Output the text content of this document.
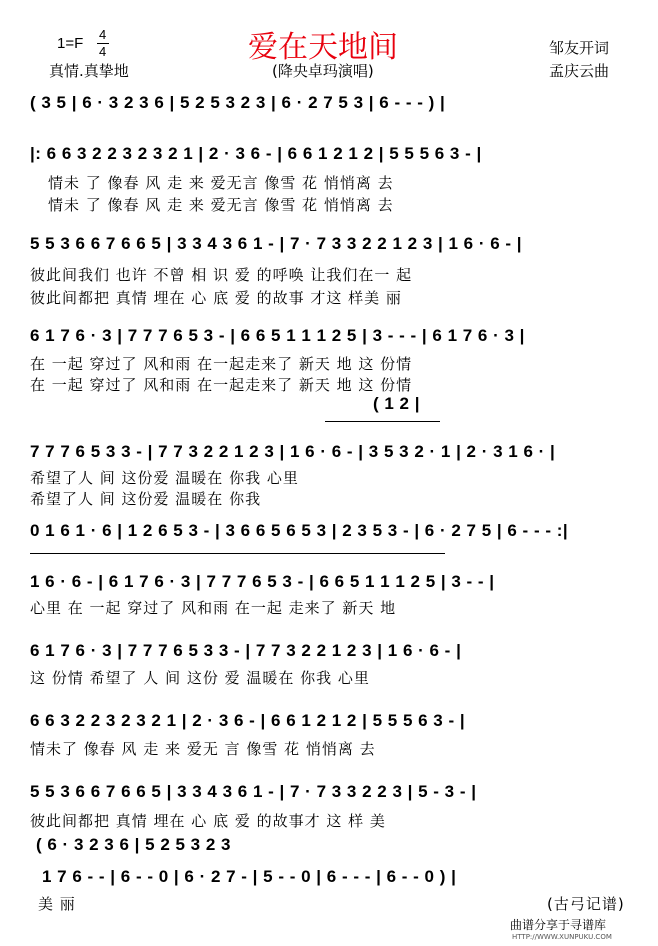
1=F
4
4	爱在天地间	邹友开词
真情.真挚地	(降央卓玛演唱)	孟庆云曲
( 3 5 | 6 · 3 2 3 6 | 5 2 5 3 2 3 | 6 · 2 7 5 3 | 6 - - - ) |
|: 6 6 3 2 2 3 2 3 2 1 | 2 · 3 6 - | 6 6 1 2 1 2 | 5 5 5 6 3 - |
情未 了 像春 风 走 来 爱无言 像雪 花 悄悄离 去
情未 了 像春 风 走 来 爱无言 像雪 花 悄悄离 去
5 5 3 6 6 7 6 6 5 | 3 3 4 3 6 1 - | 7 · 7 3 3 2 2 1 2 3 | 1 6 · 6 - |
彼此间我们 也许 不曾 相 识 爱 的呼唤 让我们在一 起
彼此间都把 真情 埋在 心 底 爱 的故事 才这 样美 丽
6 1 7 6 · 3 | 7 7 7 6 5 3 - | 6 6 5 1 1 1 2 5 | 3 - - - | 6 1 7 6 · 3 |
在 一起 穿过了 风和雨 在一起走来了 新天 地 这 份情
在 一起 穿过了 风和雨 在一起走来了 新天 地 这 份情
( 1 2 |
7 7 7 6 5 3 3 - | 7 7 3 2 2 1 2 3 | 1 6 · 6 - | 3 5 3 2 · 1 | 2 · 3 1 6 · |
希望了人 间 这份爱 温暖在 你我 心里
希望了人 间 这份爱 温暖在 你我
0 1 6 1 · 6 | 1 2 6 5 3 - | 3 6 6 5 6 5 3 | 2 3 5 3 - | 6 · 2 7 5 | 6 - - - :|
1 6 · 6 - | 6 1 7 6 · 3 | 7 7 7 6 5 3 - | 6 6 5 1 1 1 2 5 | 3 - - |
心里 在 一起 穿过了 风和雨 在一起 走来了 新天 地
6 1 7 6 · 3 | 7 7 7 6 5 3 3 - | 7 7 3 2 2 1 2 3 | 1 6 · 6 - |
这 份情 希望了 人 间 这份 爱 温暖在 你我 心里
6 6 3 2 2 3 2 3 2 1 | 2 · 3 6 - | 6 6 1 2 1 2 | 5 5 5 6 3 - |
情未了 像春 风 走 来 爱无 言 像雪 花 悄悄离 去
5 5 3 6 6 7 6 6 5 | 3 3 4 3 6 1 - | 7 · 7 3 3 2 2 3 | 5 - 3 - |
彼此间都把 真情 埋在 心 底 爱 的故事才 这 样 美
( 6 · 3 2 3 6 | 5 2 5 3 2 3
1 7 6 - - | 6 - - 0 | 6 · 2 7 - | 5 - - 0 | 6 - - - | 6 - - 0 ) |
美 丽	(古弓记谱)
曲谱分享于寻谱库
HTTP://WWW.XUNPUKU.COM
